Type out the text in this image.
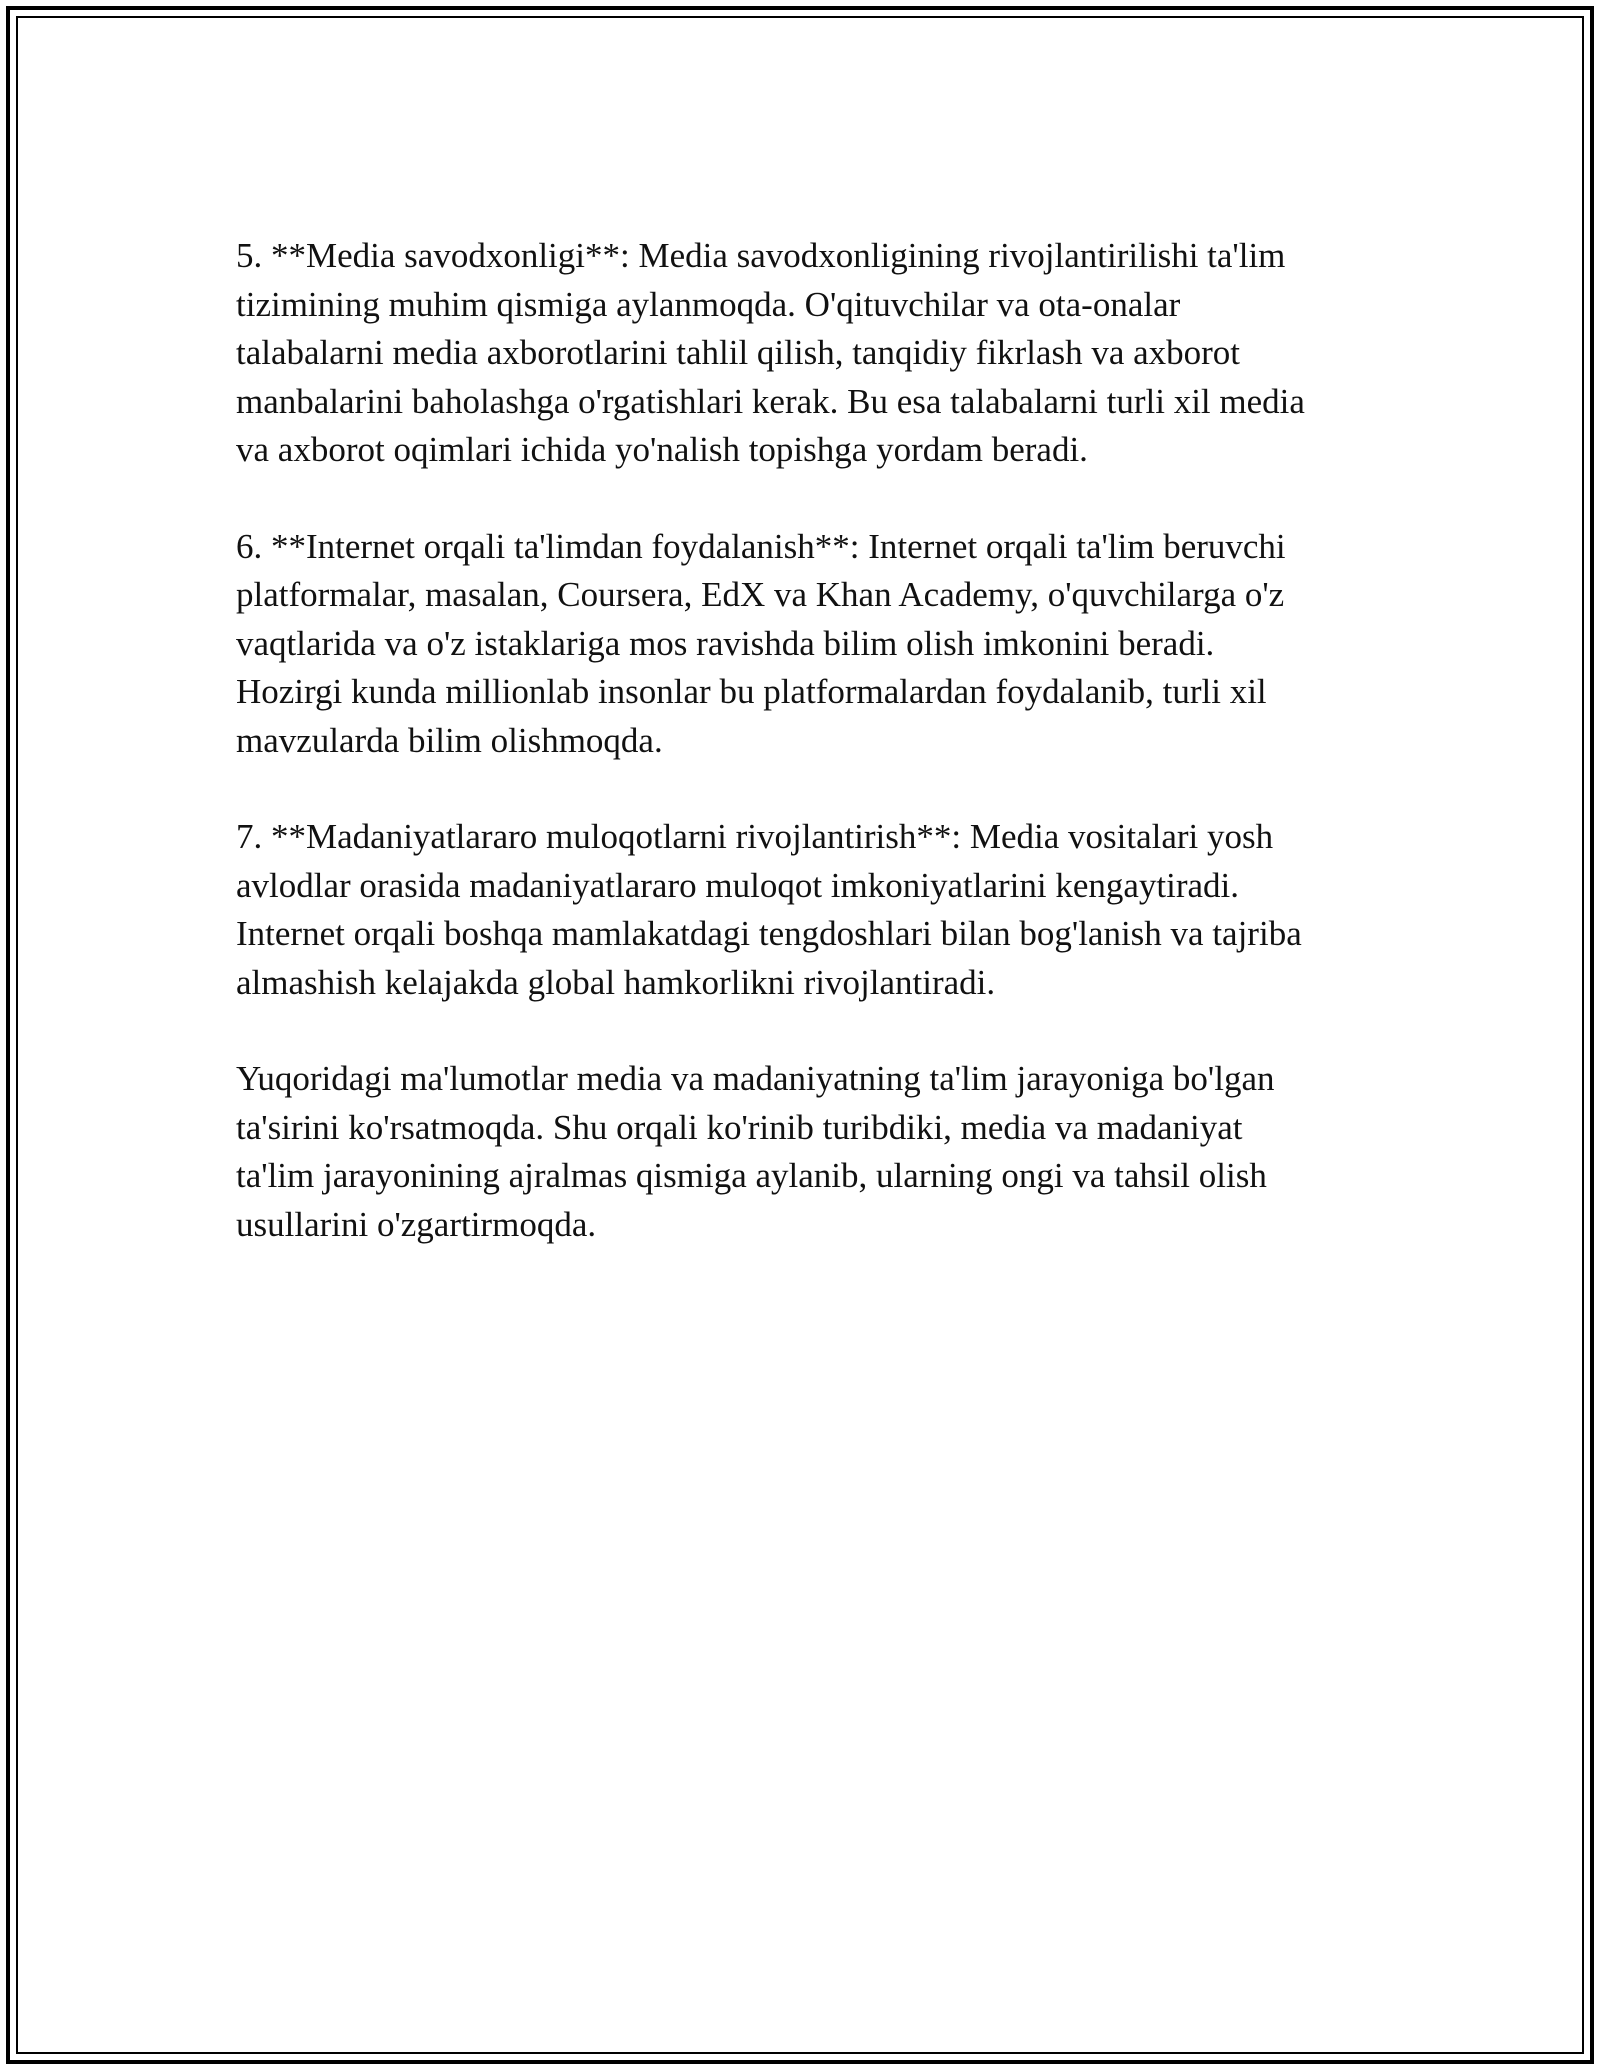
5. **Media savodxonligi**: Media savodxonligining rivojlantirilishi ta'lim
tizimining muhim qismiga aylanmoqda. O'qituvchilar va ota-onalar
talabalarni media axborotlarini tahlil qilish, tanqidiy fikrlash va axborot
manbalarini baholashga o'rgatishlari kerak. Bu esa talabalarni turli xil media
va axborot oqimlari ichida yo'nalish topishga yordam beradi.

6. **Internet orqali ta'limdan foydalanish**: Internet orqali ta'lim beruvchi
platformalar, masalan, Coursera, EdX va Khan Academy, o'quvchilarga o'z
vaqtlarida va o'z istaklariga mos ravishda bilim olish imkonini beradi.
Hozirgi kunda millionlab insonlar bu platformalardan foydalanib, turli xil
mavzularda bilim olishmoqda.

7. **Madaniyatlararo muloqotlarni rivojlantirish**: Media vositalari yosh
avlodlar orasida madaniyatlararo muloqot imkoniyatlarini kengaytiradi.
Internet orqali boshqa mamlakatdagi tengdoshlari bilan bog'lanish va tajriba
almashish kelajakda global hamkorlikni rivojlantiradi.

Yuqoridagi ma'lumotlar media va madaniyatning ta'lim jarayoniga bo'lgan
ta'sirini ko'rsatmoqda. Shu orqali ko'rinib turibdiki, media va madaniyat
ta'lim jarayonining ajralmas qismiga aylanib, ularning ongi va tahsil olish
usullarini o'zgartirmoqda.
